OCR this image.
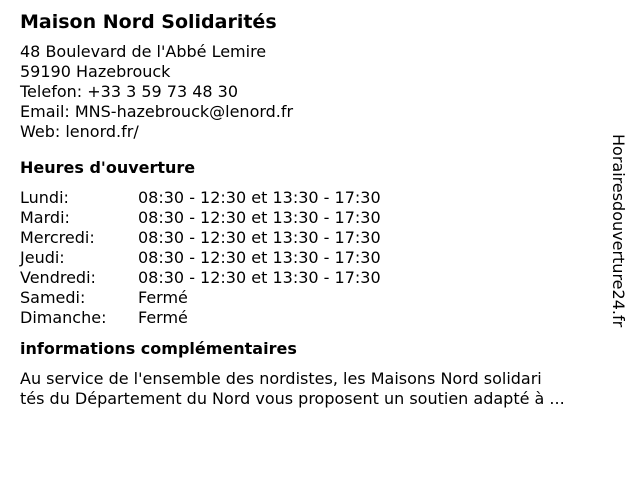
Maison Nord Solidarités
48 Boulevard de l'Abbé Lemire
59190 Hazebrouck
Telefon: +33 3 59 73 48 30
Email: MNS-hazebrouck@lenord.fr
Web: lenord.fr/
Heures d'ouverture
Lundi:	08:30 - 12:30 et 13:30 - 17:30
Mardi:	08:30 - 12:30 et 13:30 - 17:30
Mercredi:	08:30 - 12:30 et 13:30 - 17:30
Jeudi:	08:30 - 12:30 et 13:30 - 17:30
Vendredi:	08:30 - 12:30 et 13:30 - 17:30
Samedi:	Fermé
Dimanche: Fermé
informations complémentaires
Au service de l'ensemble des nordistes, les Maisons Nord solidari
tés du Département du Nord vous proposent un soutien adapté à ...
Horairesdouverture24.fr
